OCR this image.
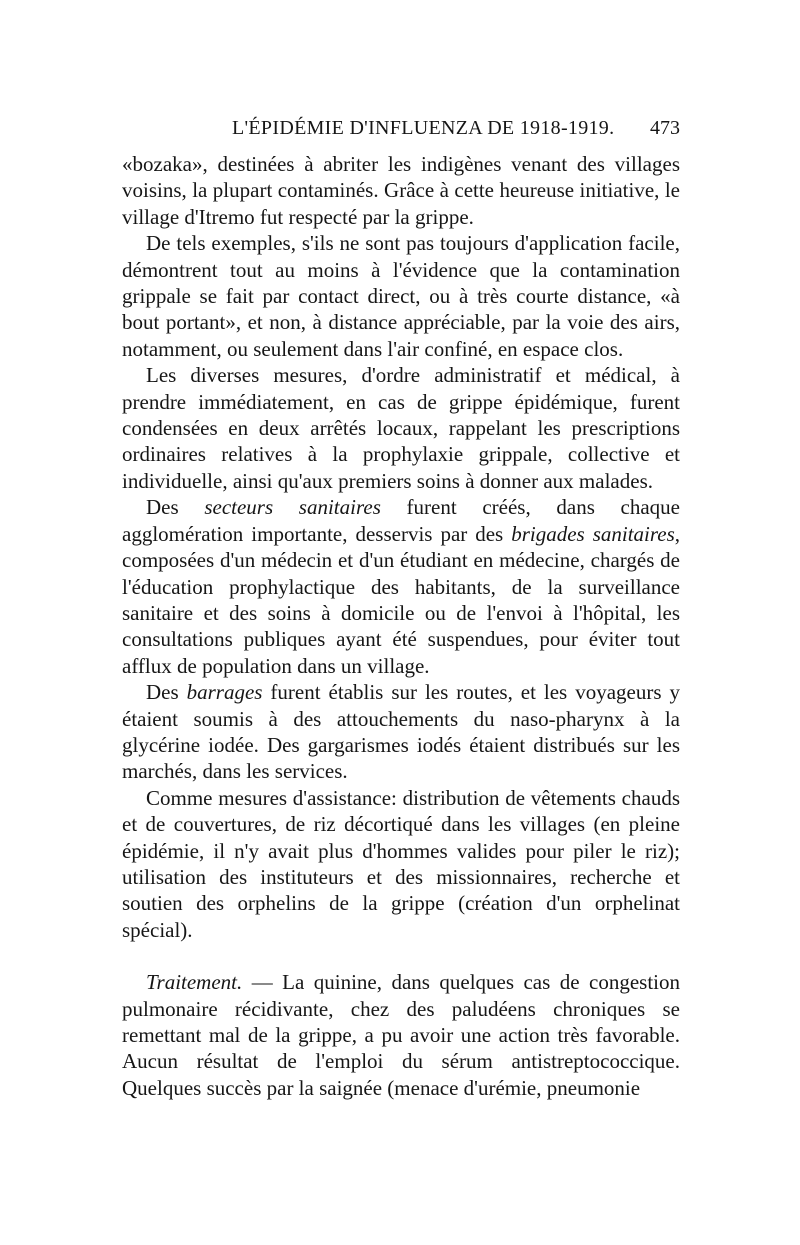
L'ÉPIDÉMIE D'INFLUENZA DE 1918-1919. 473

«bozaka», destinées à abriter les indigènes venant des villages voisins, la plupart contaminés. Grâce à cette heureuse initiative, le village d'Itremo fut respecté par la grippe.

De tels exemples, s'ils ne sont pas toujours d'application facile, démontrent tout au moins à l'évidence que la contamination grippale se fait par contact direct, ou à très courte distance, «à bout portant», et non, à distance appréciable, par la voie des airs, notamment, ou seulement dans l'air confiné, en espace clos.

Les diverses mesures, d'ordre administratif et médical, à prendre immédiatement, en cas de grippe épidémique, furent condensées en deux arrêtés locaux, rappelant les prescriptions ordinaires relatives à la prophylaxie grippale, collective et individuelle, ainsi qu'aux premiers soins à donner aux malades.

Des secteurs sanitaires furent créés, dans chaque agglomération importante, desservis par des brigades sanitaires, composées d'un médecin et d'un étudiant en médecine, chargés de l'éducation prophylactique des habitants, de la surveillance sanitaire et des soins à domicile ou de l'envoi à l'hôpital, les consultations publiques ayant été suspendues, pour éviter tout afflux de population dans un village.

Des barrages furent établis sur les routes, et les voyageurs y étaient soumis à des attouchements du naso-pharynx à la glycérine iodée. Des gargarismes iodés étaient distribués sur les marchés, dans les services.

Comme mesures d'assistance: distribution de vêtements chauds et de couvertures, de riz décortiqué dans les villages (en pleine épidémie, il n'y avait plus d'hommes valides pour piler le riz); utilisation des instituteurs et des missionnaires, recherche et soutien des orphelins de la grippe (création d'un orphelinat spécial).

Traitement. — La quinine, dans quelques cas de congestion pulmonaire récidivante, chez des paludéens chroniques se remettant mal de la grippe, a pu avoir une action très favorable. Aucun résultat de l'emploi du sérum antistreptococcique. Quelques succès par la saignée (menace d'urémie, pneumonie
